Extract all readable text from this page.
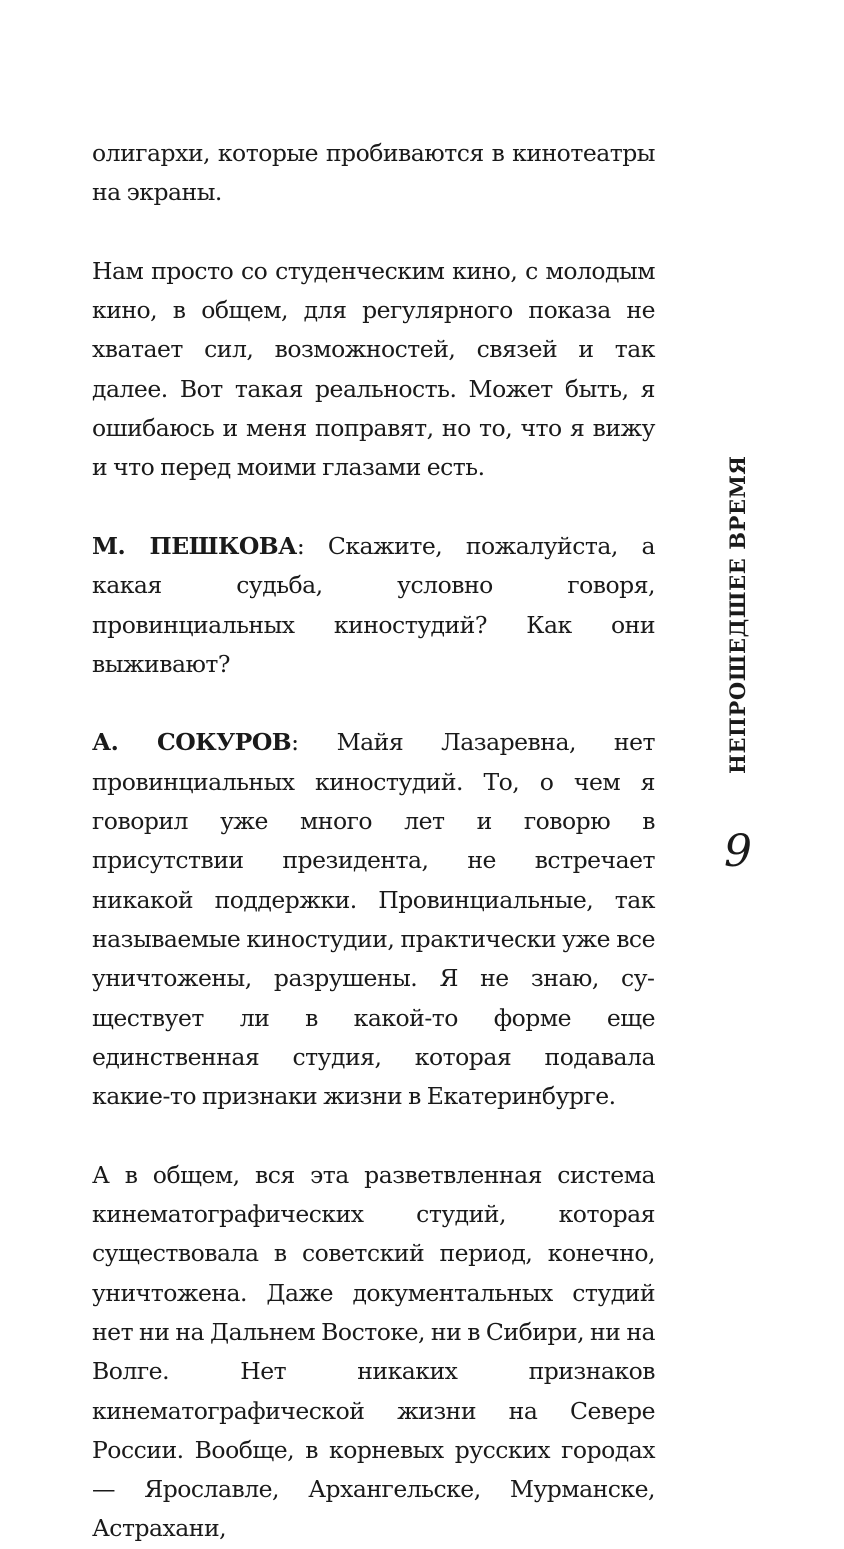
олигархи, которые пробиваются в кинотеатры на экраны.

Нам просто со студенческим кино, с молодым кино, в общем, для регулярного показа не хватает сил, возможностей, связей и так далее. Вот такая реальность. Может быть, я ошибаюсь и меня поправят, но то, что я вижу и что перед моими глазами есть.

М. ПЕШКОВА: Скажите, пожалуйста, а какая судьба, условно говоря, провинциальных киностудий? Как они выживают?

А. СОКУРОВ: Майя Лазаревна, нет провинциальных киностудий. То, о чем я говорил уже много лет и говорю в присутствии президента, не встречает никакой поддержки. Провинциальные, так называемые киностудии, практически уже все уничтожены, разрушены. Я не знаю, существует ли в какой-то форме еще единственная студия, которая подавала какие-то признаки жизни в Екатеринбурге.

А в общем, вся эта разветвленная система кинематографических студий, которая существовала в советский период, конечно, уничтожена. Даже документальных студий нет ни на Дальнем Востоке, ни в Сибири, ни на Волге. Нет никаких признаков кинематографической жизни на Севере России. Вообще, в корневых русских городах — Ярославле, Архангельске, Мурманске, Астрахани,

НЕПРОШЕДШЕЕ ВРЕМЯ
9
